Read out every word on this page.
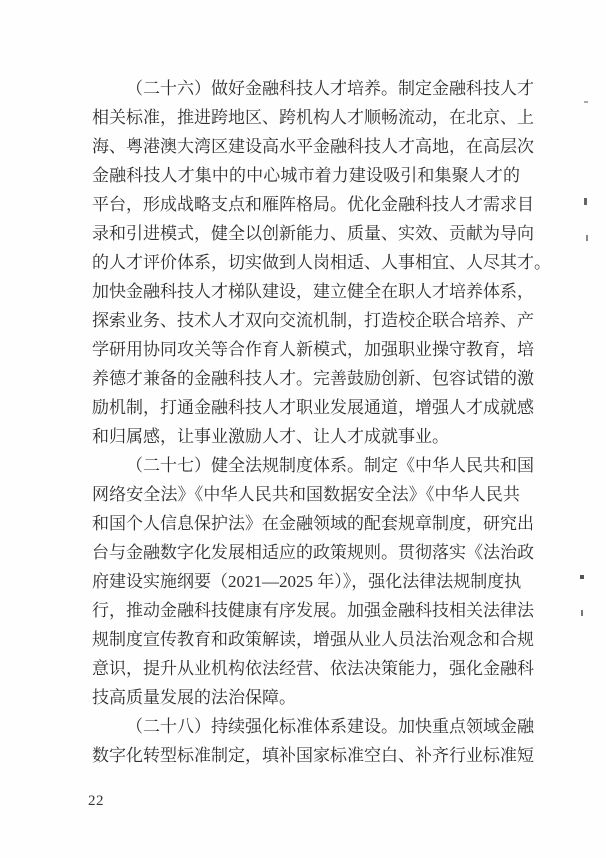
（二十六）做好金融科技人才培养。制定金融科技人才
相关标准，推进跨地区、跨机构人才顺畅流动，在北京、上
海、粤港澳大湾区建设高水平金融科技人才高地，在高层次
金融科技人才集中的中心城市着力建设吸引和集聚人才的
平台，形成战略支点和雁阵格局。优化金融科技人才需求目
录和引进模式，健全以创新能力、质量、实效、贡献为导向
的人才评价体系，切实做到人岗相适、人事相宜、人尽其才。
加快金融科技人才梯队建设，建立健全在职人才培养体系，
探索业务、技术人才双向交流机制，打造校企联合培养、产
学研用协同攻关等合作育人新模式，加强职业操守教育，培
养德才兼备的金融科技人才。完善鼓励创新、包容试错的激
励机制，打通金融科技人才职业发展通道，增强人才成就感
和归属感，让事业激励人才、让人才成就事业。
（二十七）健全法规制度体系。制定《中华人民共和国
网络安全法》《中华人民共和国数据安全法》《中华人民共
和国个人信息保护法》在金融领域的配套规章制度，研究出
台与金融数字化发展相适应的政策规则。贯彻落实《法治政
府建设实施纲要（2021—2025 年）》，强化法律法规制度执
行，推动金融科技健康有序发展。加强金融科技相关法律法
规制度宣传教育和政策解读，增强从业人员法治观念和合规
意识，提升从业机构依法经营、依法决策能力，强化金融科
技高质量发展的法治保障。
（二十八）持续强化标准体系建设。加快重点领域金融
数字化转型标准制定，填补国家标准空白、补齐行业标准短
22
